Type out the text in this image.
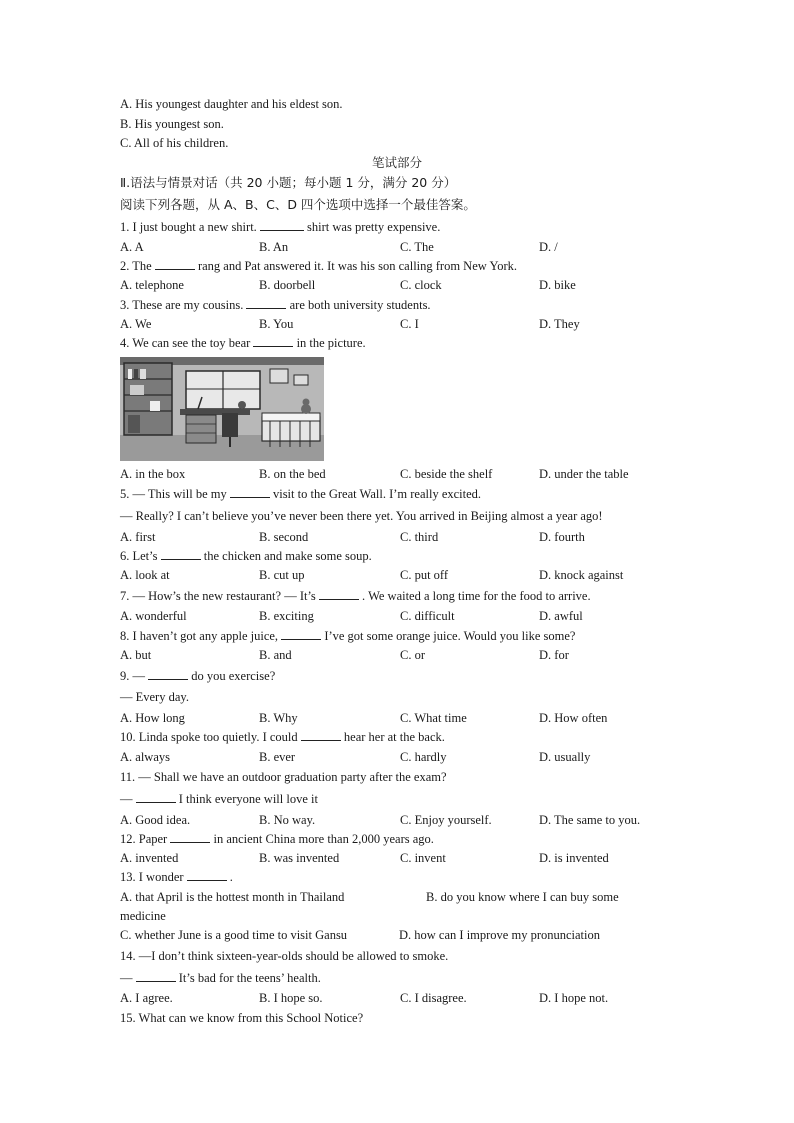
A. His youngest daughter and his eldest son.
B. His youngest son.
C. All of his children.
笔试部分
Ⅱ.语法与情景对话（共 20 小题；每小题 1 分，满分 20 分）
阅读下列各题，从 A、B、C、D 四个选项中选择一个最佳答案。
1. I just bought a new shirt.	shirt was pretty expensive.
A. A	B. An	C. The	D. /
2. The	rang and Pat answered it. It was his son calling from New York.
A. telephone	B. doorbell	C. clock	D. bike
3. These are my cousins.	are both university students.
A. We	B. You	C. I	D. They
4. We can see the toy bear	in the picture.
A. in the box	B. on the bed	C. beside the shelf	D. under the table
5. — This will be my	visit to the Great Wall. I’m really excited.
— Really? I can’t believe you’ve never been there yet. You arrived in Beijing almost a year ago!
A. first	B. second	C. third	D. fourth
6. Let’s	the chicken and make some soup.
A. look at	B. cut up	C. put off	D. knock against
7. — How’s the new restaurant? — It’s	. We waited a long time for the food to arrive.
A. wonderful	B. exciting	C. difficult	D. awful
8. I haven’t got any apple juice,	I’ve got some orange juice. Would you like some?
A. but	B. and	C. or	D. for
9. —	do you exercise?
— Every day.
A. How long	B. Why	C. What time	D. How often
10. Linda spoke too quietly. I could	hear her at the back.
A. always	B. ever	C. hardly	D. usually
11. — Shall we have an outdoor graduation party after the exam?
—	I think everyone will love it
A. Good idea.	B. No way.	C. Enjoy yourself.	D. The same to you.
12. Paper	in ancient China more than 2,000 years ago.
A. invented	B. was invented	C. invent	D. is invented
13. I wonder	.
A. that April is the hottest month in Thailand	B. do you know where I can buy some
medicine
C. whether June is a good time to visit Gansu	D. how can I improve my pronunciation
14. —I don’t think sixteen-year-olds should be allowed to smoke.
—	It’s bad for the teens’ health.
A. I agree.	B. I hope so.	C. I disagree.	D. I hope not.
15. What can we know from this School Notice?
